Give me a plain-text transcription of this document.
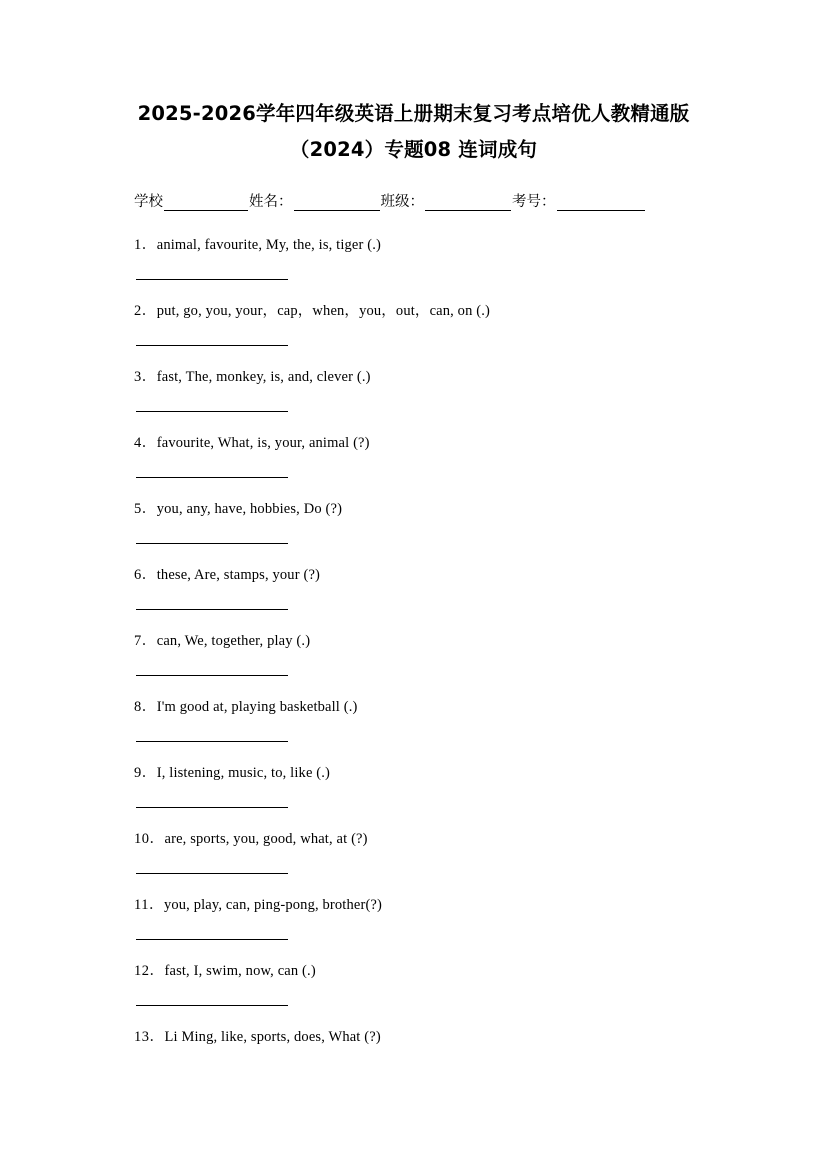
2025-2026学年四年级英语上册期末复习考点培优人教精通版
（2024）专题08 连词成句
学校	姓名：	班级：	考号：
1．animal, favourite, My, the, is, tiger (.)
2．put, go, you, your，cap，when，you，out，can, on (.)
3．fast, The, monkey, is, and, clever (.)
4．favourite, What, is, your, animal (?)
5．you, any, have, hobbies, Do (?)
6．these, Are, stamps, your (?)
7．can, We, together, play (.)
8．I'm good at, playing basketball (.)
9．I, listening, music, to, like (.)
10．are, sports, you, good, what, at (?)
11．you, play, can, ping-pong, brother(?)
12．fast, I, swim, now, can (.)
13．Li Ming, like, sports, does, What (?)
